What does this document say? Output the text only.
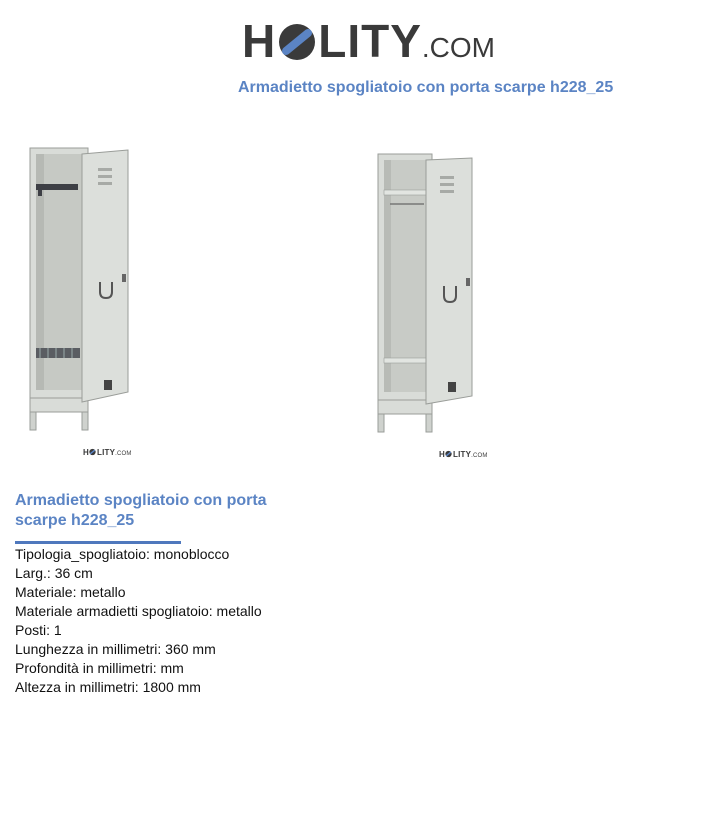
H LITY .COM
Armadietto spogliatoio con porta scarpe h228_25
H LITY .COM	H LITY .COM
Armadietto spogliatoio con porta scarpe h228_25
Tipologia_spogliatoio: monoblocco
Larg.: 36 cm
Materiale: metallo
Materiale armadietti spogliatoio: metallo
Posti: 1
Lunghezza in millimetri: 360 mm
Profondità in millimetri: mm
Altezza in millimetri: 1800 mm
